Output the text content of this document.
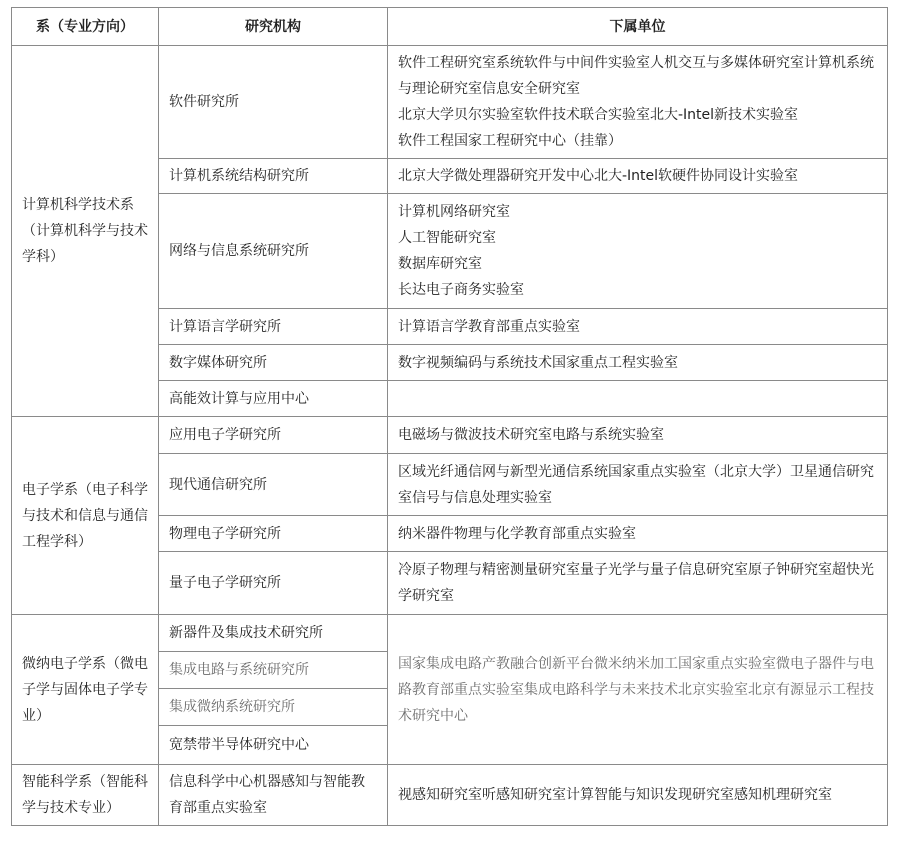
系（专业方向）	研究机构	下属单位
计算机科学技术系（计算机科学与技术学科）	软件研究所	软件工程研究室系统软件与中间件实验室人机交互与多媒体研究室计算机系统与理论研究室信息安全研究室
北京大学贝尔实验室软件技术联合实验室北大-Intel新技术实验室
软件工程国家工程研究中心（挂靠）

	计算机系统结构研究所	北京大学微处理器研究开发中心北大-Intel软硬件协同设计实验室
	网络与信息系统研究所	计算机网络研究室
人工智能研究室
数据库研究室
长达电子商务实验室

	计算语言学研究所	计算语言学教育部重点实验室
	数字媒体研究所	数字视频编码与系统技术国家重点工程实验室
	高能效计算与应用中心	
电子学系（电子科学与技术和信息与通信工程学科）	应用电子学研究所	电磁场与微波技术研究室电路与系统实验室
	现代通信研究所	区域光纤通信网与新型光通信系统国家重点实验室（北京大学）卫星通信研究室信号与信息处理实验室
	物理电子学研究所	纳米器件物理与化学教育部重点实验室
	量子电子学研究所	冷原子物理与精密测量研究室量子光学与量子信息研究室原子钟研究室超快光学研究室
微纳电子学系（微电子学与固体电子学专业）	新器件及集成技术研究所	国家集成电路产教融合创新平台微米纳米加工国家重点实验室微电子器件与电路教育部重点实验室集成电路科学与未来技术北京实验室北京有源显示工程技术研究中心
	集成电路与系统研究所	
	集成微纳系统研究所	
	宽禁带半导体研究中心	
智能科学系（智能科学与技术专业）	信息科学中心机器感知与智能教育部重点实验室	视感知研究室听感知研究室计算智能与知识发现研究室感知机理研究室
